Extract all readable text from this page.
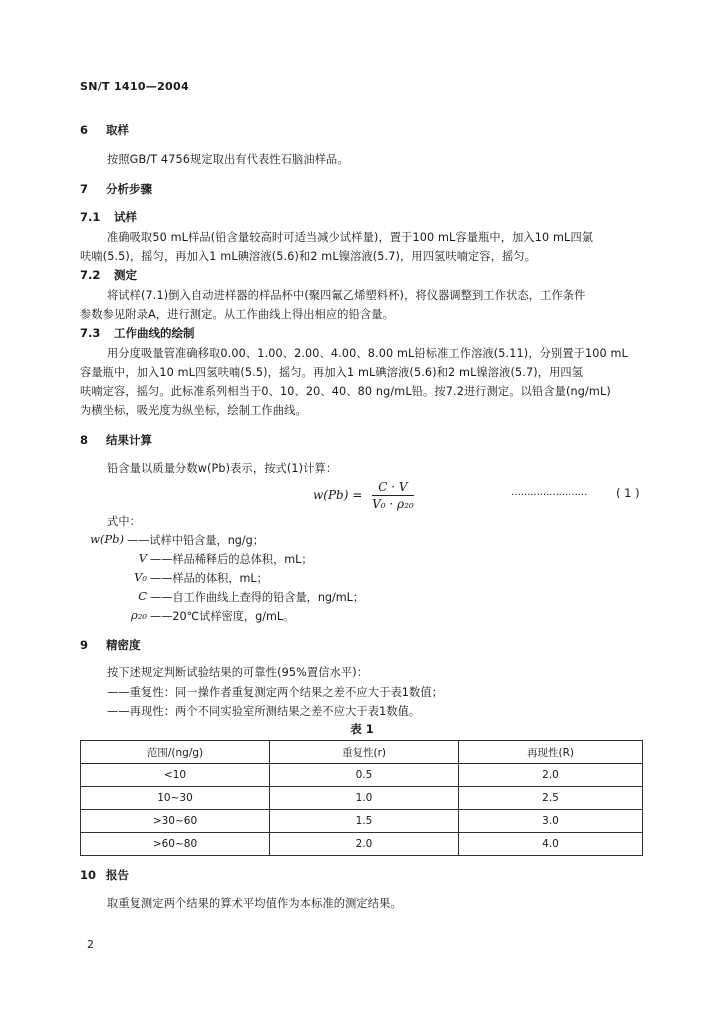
SN/T 1410—2004
6 取样
按照GB/T 4756规定取出有代表性石脑油样品。
7 分析步骤
7.1 试样
准确吸取50 mL样品(铅含量较高时可适当减少试样量)，置于100 mL容量瓶中，加入10 mL四氯
呋喃(5.5)，摇匀，再加入1 mL碘溶液(5.6)和2 mL镍溶液(5.7)，用四氢呋喃定容，摇匀。
7.2 测定
将试样(7.1)倒入自动进样器的样品杯中(聚四氟乙烯塑料杯)，将仪器调整到工作状态，工作条件
参数参见附录A，进行测定。从工作曲线上得出相应的铅含量。
7.3 工作曲线的绘制
用分度吸量管准确移取0.00、1.00、2.00、4.00、8.00 mL铅标准工作溶液(5.11)，分别置于100 mL
容量瓶中，加入10 mL四氢呋喃(5.5)，摇匀。再加入1 mL碘溶液(5.6)和2 mL镍溶液(5.7)，用四氢
呋喃定容，摇匀。此标准系列相当于0、10、20、40、80 ng/mL铅。按7.2进行测定。以铅含量(ng/mL)
为横坐标，吸光度为纵坐标，绘制工作曲线。
8 结果计算
铅含量以质量分数w(Pb)表示，按式(1)计算：
$w(Pb) = \frac{C \cdot V}{\text{V₀ · ρ₂₀}}$	……………………	( 1 )
式中：
w(Pb) ——试样中铅含量，ng/g；
V ——样品稀释后的总体积，mL；
V₀ ——样品的体积，mL；
C ——自工作曲线上查得的铅含量，ng/mL；
ρ₂₀ ——20℃试样密度，g/mL。
9 精密度
按下述规定判断试验结果的可靠性(95%置信水平)：
——重复性：同一操作者重复测定两个结果之差不应大于表1数值；
——再现性：两个不同实验室所测结果之差不应大于表1数值。
表 1
范围/(ng/g)	重复性(r)	再现性(R)
<10	0.5	2.0
10~30	1.0	2.5
>30~60	1.5	3.0
>60~80	2.0	4.0
10 报告
取重复测定两个结果的算术平均值作为本标准的测定结果。
2
